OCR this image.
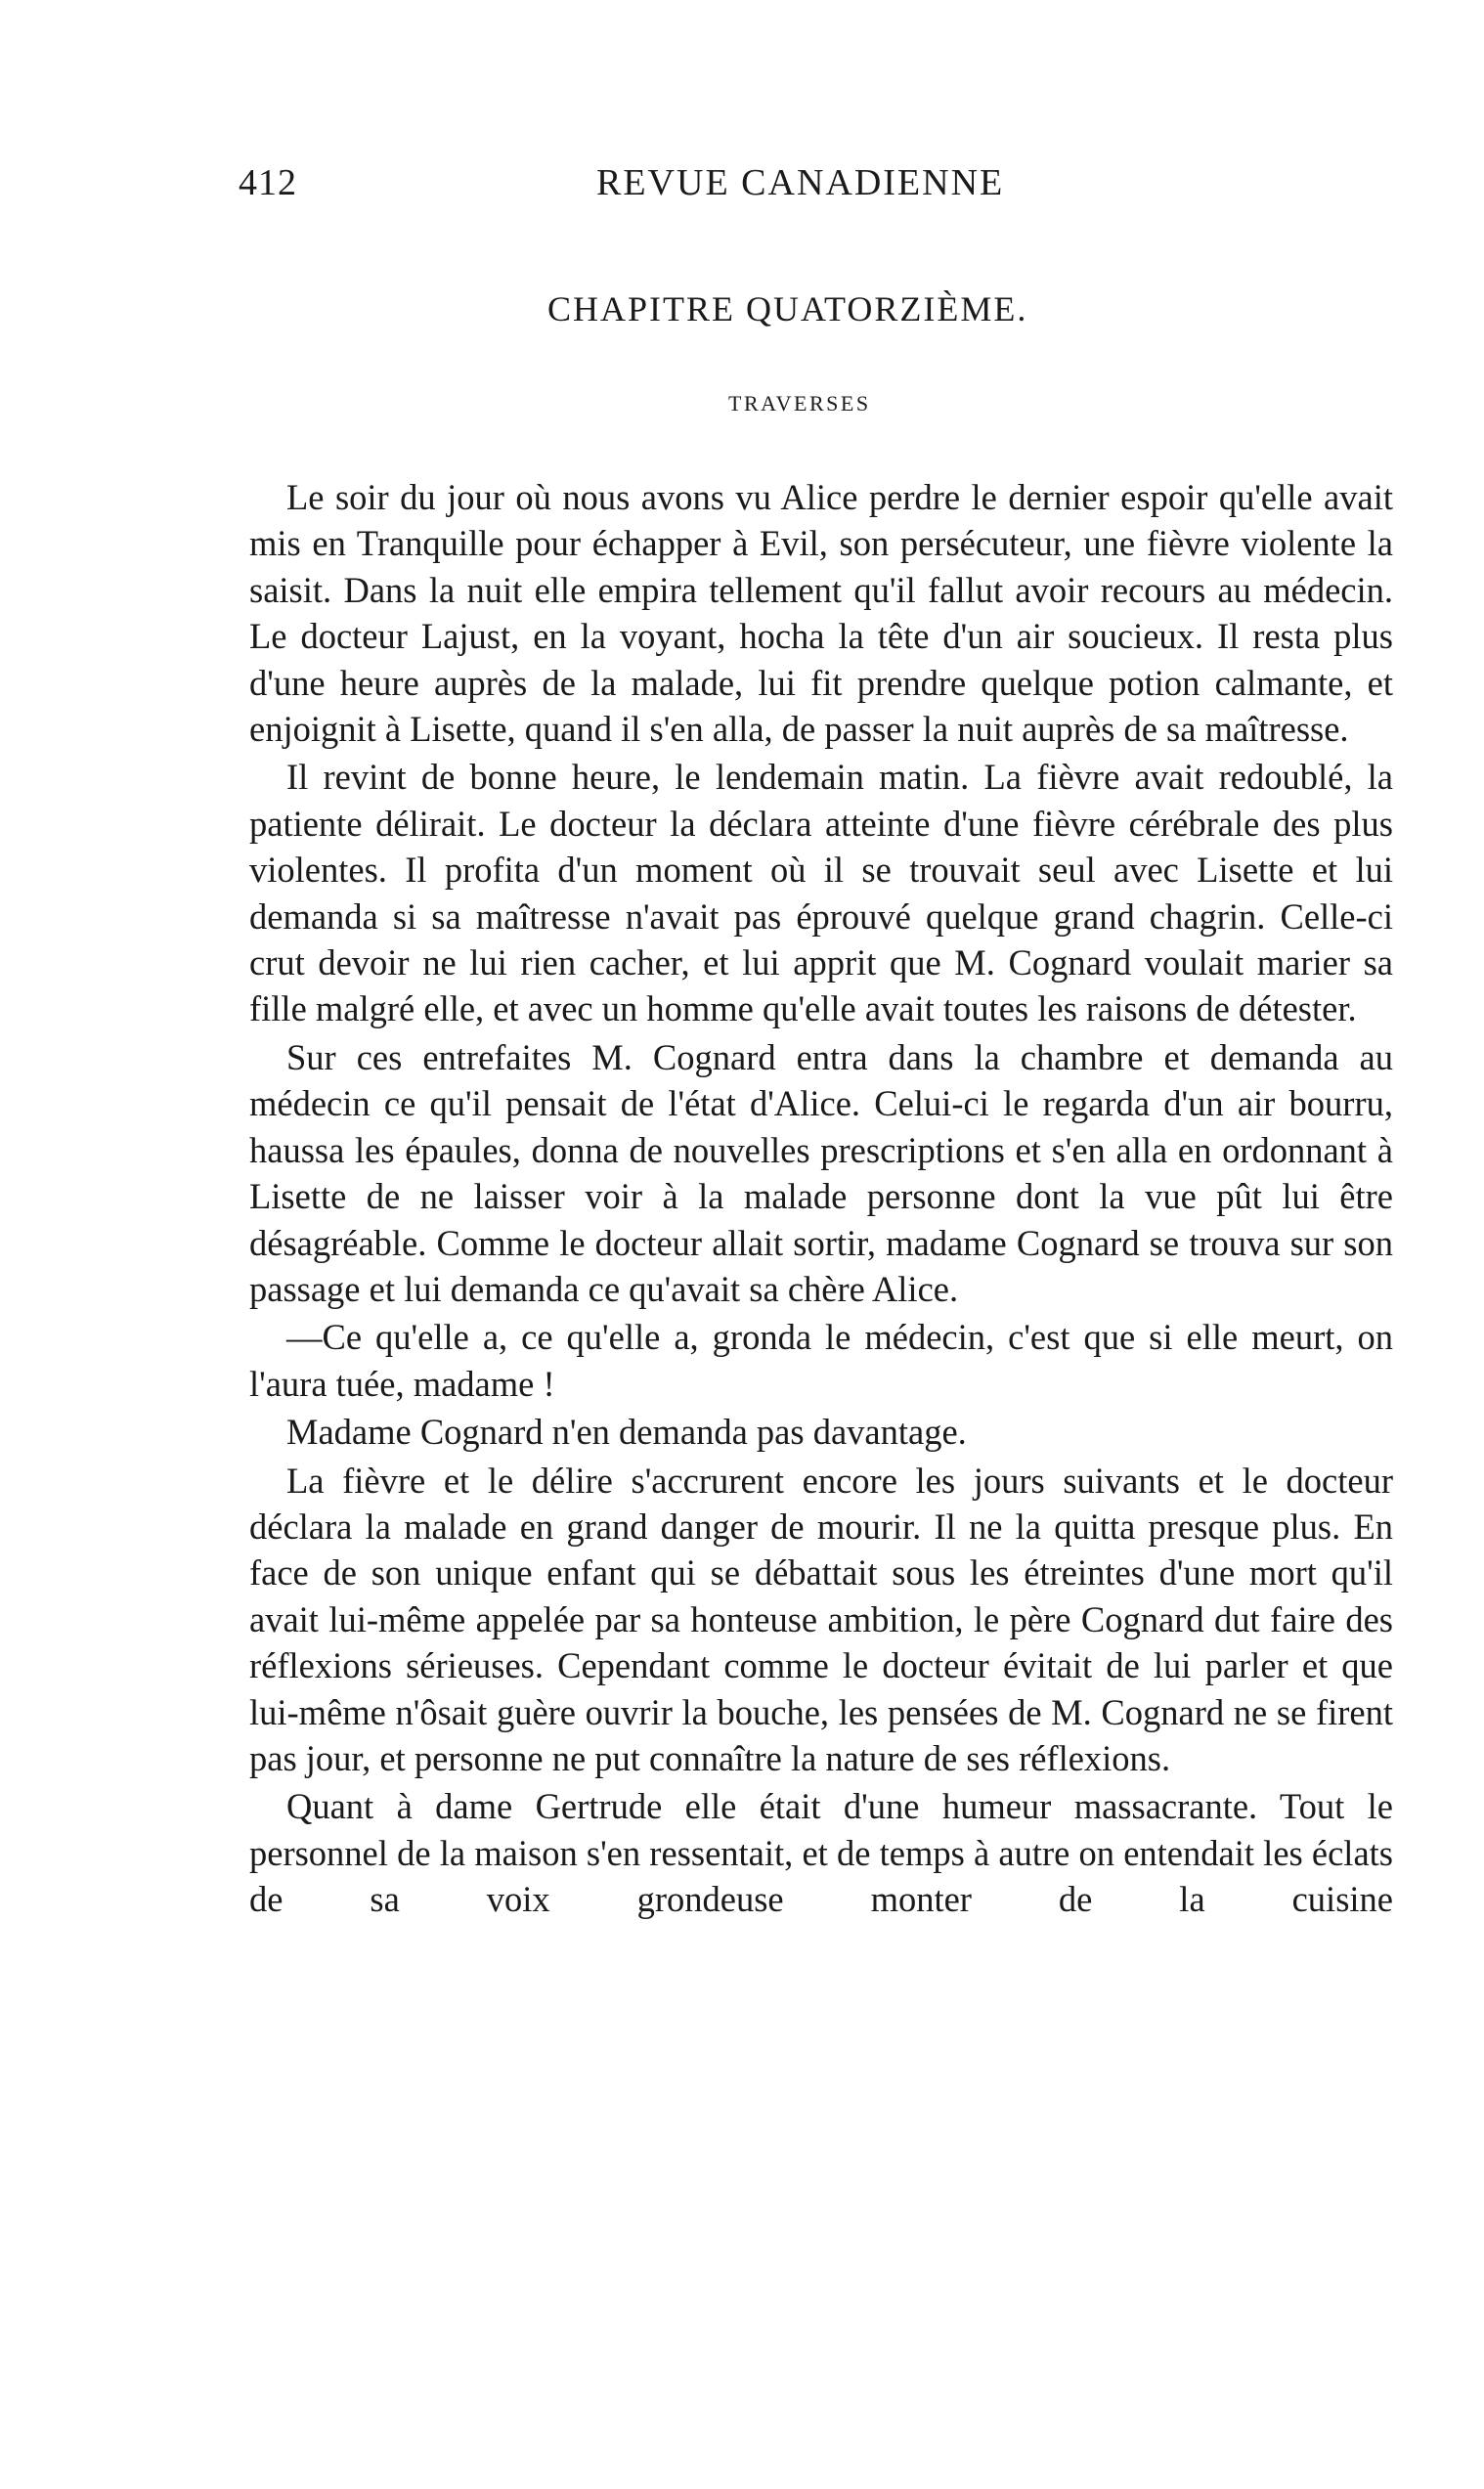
412	REVUE CANADIENNE
CHAPITRE QUATORZIÈME.
TRAVERSES

Le soir du jour où nous avons vu Alice perdre le dernier espoir qu'elle avait mis en Tranquille pour échapper à Evil, son persécuteur, une fièvre violente la saisit. Dans la nuit elle empira tellement qu'il fallut avoir recours au médecin. Le docteur Lajust, en la voyant, hocha la tête d'un air soucieux. Il resta plus d'une heure auprès de la malade, lui fit prendre quelque potion calmante, et enjoignit à Lisette, quand il s'en alla, de passer la nuit auprès de sa maîtresse.

Il revint de bonne heure, le lendemain matin. La fièvre avait redoublé, la patiente délirait. Le docteur la déclara atteinte d'une fièvre cérébrale des plus violentes. Il profita d'un moment où il se trouvait seul avec Lisette et lui demanda si sa maîtresse n'avait pas éprouvé quelque grand chagrin. Celle-ci crut devoir ne lui rien cacher, et lui apprit que M. Cognard voulait marier sa fille malgré elle, et avec un homme qu'elle avait toutes les raisons de détester.

Sur ces entrefaites M. Cognard entra dans la chambre et demanda au médecin ce qu'il pensait de l'état d'Alice. Celui-ci le regarda d'un air bourru, haussa les épaules, donna de nouvelles prescriptions et s'en alla en ordonnant à Lisette de ne laisser voir à la malade personne dont la vue pût lui être désagréable. Comme le docteur allait sortir, madame Cognard se trouva sur son passage et lui demanda ce qu'avait sa chère Alice.

—Ce qu'elle a, ce qu'elle a, gronda le médecin, c'est que si elle meurt, on l'aura tuée, madame !

Madame Cognard n'en demanda pas davantage.

La fièvre et le délire s'accrurent encore les jours suivants et le docteur déclara la malade en grand danger de mourir. Il ne la quitta presque plus. En face de son unique enfant qui se débattait sous les étreintes d'une mort qu'il avait lui-même appelée par sa honteuse ambition, le père Cognard dut faire des réflexions sérieuses. Cependant comme le docteur évitait de lui parler et que lui-même n'ôsait guère ouvrir la bouche, les pensées de M. Cognard ne se firent pas jour, et personne ne put connaître la nature de ses réflexions.

Quant à dame Gertrude elle était d'une humeur massacrante. Tout le personnel de la maison s'en ressentait, et de temps à autre on entendait les éclats de sa voix grondeuse monter de la cuisine
